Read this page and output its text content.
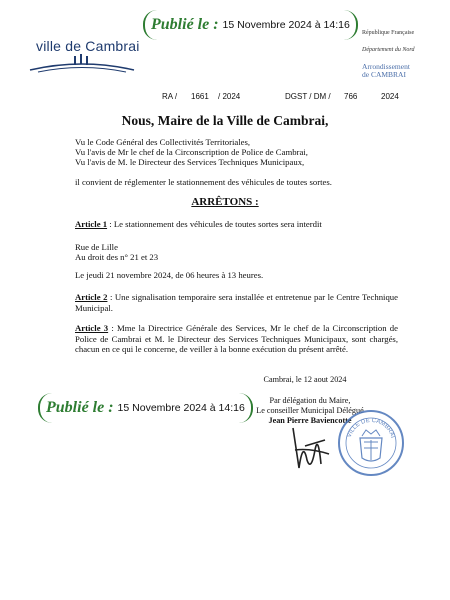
Publié le : 15 Novembre 2024 à 14:16
ville de Cambrai
République Française
Département du Nord
Arrondissement
de CAMBRAI
RA / 1661 / 2024	DGST / DM / 766	2024
Nous, Maire de la Ville de Cambrai,
Vu le Code Général des Collectivités Territoriales,
Vu l'avis de Mr le chef de la Circonscription de Police de Cambrai,
Vu l'avis de M. le Directeur des Services Techniques Municipaux,
il convient de réglementer le stationnement des véhicules de toutes sortes.
ARRÊTONS :
Article 1 : Le stationnement des véhicules de toutes sortes sera interdit
Rue de Lille
Au droit des n° 21 et 23
Le jeudi 21 novembre 2024, de 06 heures à 13 heures.
Article 2 : Une signalisation temporaire sera installée et entretenue par le Centre Technique Municipal.
Article 3 : Mme la Directrice Générale des Services, Mr le chef de la Circonscription de Police de Cambrai et M. le Directeur des Services Techniques Municipaux, sont chargés, chacun en ce qui le concerne, de veiller à la bonne exécution du présent arrêté.
Cambrai, le 12 aout 2024
Par délégation du Maire,
Le conseiller Municipal Délégué
Jean Pierre Baviencotte
VILLE DE CAMBRAI
Publié le : 15 Novembre 2024 à 14:16
